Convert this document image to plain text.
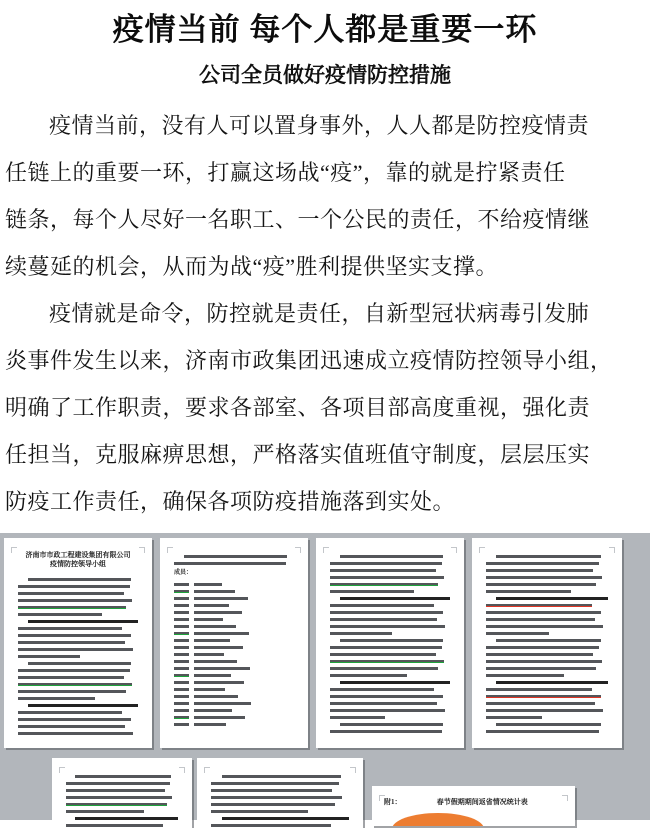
疫情当前 每个人都是重要一环
公司全员做好疫情防控措施
疫情当前，没有人可以置身事外，人人都是防控疫情责
任链上的重要一环，打赢这场战“疫”，靠的就是拧紧责任
链条，每个人尽好一名职工、一个公民的责任，不给疫情继
续蔓延的机会，从而为战“疫”胜利提供坚实支撑。
疫情就是命令，防控就是责任，自新型冠状病毒引发肺
炎事件发生以来，济南市政集团迅速成立疫情防控领导小组，
明确了工作职责，要求各部室、各项目部高度重视，强化责
任担当，克服麻痹思想，严格落实值班值守制度，层层压实
防疫工作责任，确保各项防疫措施落到实处。
济南市市政工程建设集团有限公司
疫情防控领导小组
成员：
附1：	春节假期期间返省情况统计表
